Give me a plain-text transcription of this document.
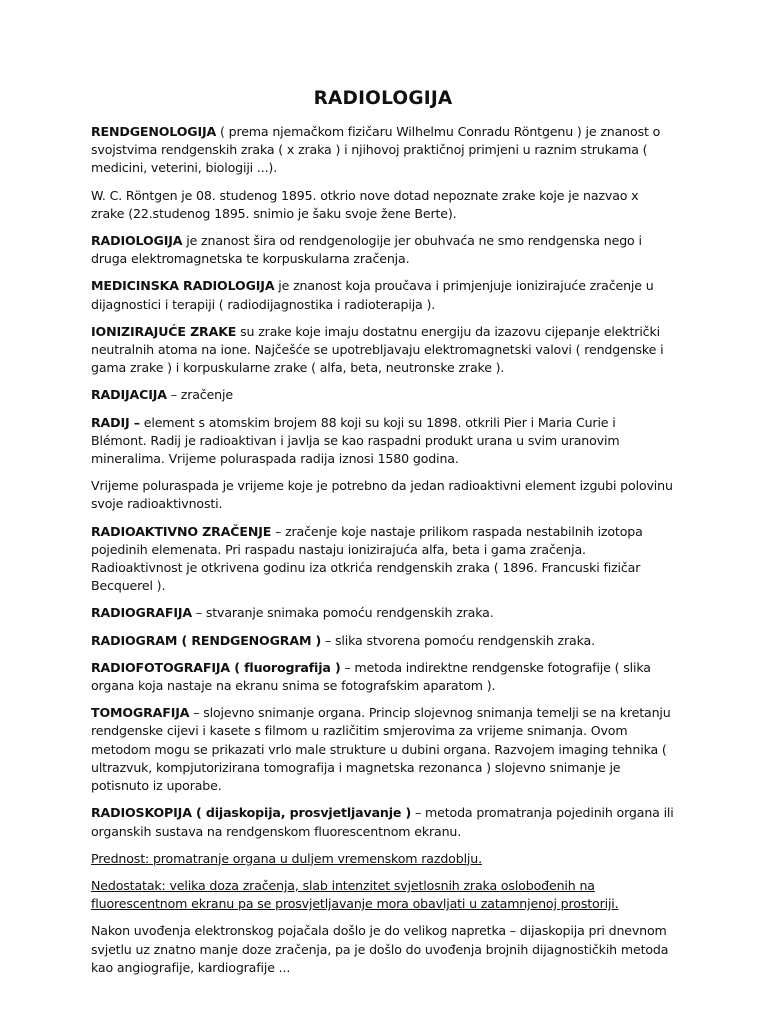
RADIOLOGIJA

RENDGENOLOGIJA ( prema njemačkom fizičaru Wilhelmu Conradu Röntgenu ) je znanost o svojstvima rendgenskih zraka ( x zraka ) i njihovoj praktičnoj primjeni u raznim strukama ( medicini, veterini, biologiji ...).

W. C. Röntgen je 08. studenog 1895. otkrio nove dotad nepoznate zrake koje je nazvao x zrake (22.studenog 1895. snimio je šaku svoje žene Berte).

RADIOLOGIJA je znanost šira od rendgenologije jer obuhvaća ne smo rendgenska nego i druga elektromagnetska te korpuskularna zračenja.

MEDICINSKA RADIOLOGIJA je znanost koja proučava i primjenjuje ionizirajuće zračenje u dijagnostici i terapiji ( radiodijagnostika i radioterapija ).

IONIZIRAJUĆE ZRAKE su zrake koje imaju dostatnu energiju da izazovu cijepanje električki neutralnih atoma na ione. Najčešće se upotrebljavaju elektromagnetski valovi ( rendgenske i gama zrake ) i korpuskularne zrake ( alfa, beta, neutronske zrake ).

RADIJACIJA – zračenje

RADIJ – element s atomskim brojem 88 koji su koji su 1898. otkrili Pier i Maria Curie i Blémont. Radij je radioaktivan i javlja se kao raspadni produkt urana u svim uranovim mineralima. Vrijeme poluraspada radija iznosi 1580 godina.

Vrijeme poluraspada je vrijeme koje je potrebno da jedan radioaktivni element izgubi polovinu svoje radioaktivnosti.

RADIOAKTIVNO ZRAČENJE – zračenje koje nastaje prilikom raspada nestabilnih izotopa pojedinih elemenata. Pri raspadu nastaju ionizirajuća alfa, beta i gama zračenja. Radioaktivnost je otkrivena godinu iza otkrića rendgenskih zraka ( 1896. Francuski fizičar Becquerel ).

RADIOGRAFIJA – stvaranje snimaka pomoću rendgenskih zraka.

RADIOGRAM ( RENDGENOGRAM ) – slika stvorena pomoću rendgenskih zraka.

RADIOFOTOGRAFIJA ( fluorografija ) – metoda indirektne rendgenske fotografije ( slika organa koja nastaje na ekranu snima se fotografskim aparatom ).

TOMOGRAFIJA – slojevno snimanje organa. Princip slojevnog snimanja temelji se na kretanju rendgenske cijevi i kasete s filmom u različitim smjerovima za vrijeme snimanja. Ovom metodom mogu se prikazati vrlo male strukture u dubini organa. Razvojem imaging tehnika ( ultrazvuk, kompjutorizirana tomografija i magnetska rezonanca ) slojevno snimanje je potisnuto iz uporabe.

RADIOSKOPIJA ( dijaskopija, prosvjetljavanje ) – metoda promatranja pojedinih organa ili organskih sustava na rendgenskom fluorescentnom ekranu.

Prednost: promatranje organa u duljem vremenskom razdoblju.

Nedostatak: velika doza zračenja, slab intenzitet svjetlosnih zraka oslobođenih na fluorescentnom ekranu pa se prosvjetljavanje mora obavljati u zatamnjenoj prostoriji.

Nakon uvođenja elektronskog pojačala došlo je do velikog napretka – dijaskopija pri dnevnom svjetlu uz znatno manje doze zračenja, pa je došlo do uvođenja brojnih dijagnostičkih metoda kao angiografije, kardiografije ...
